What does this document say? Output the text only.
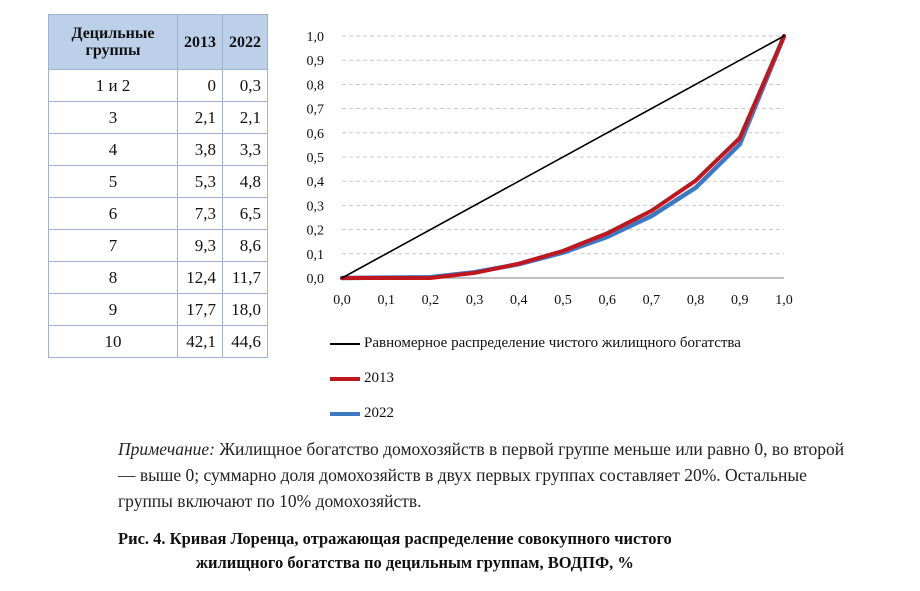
Децильные группы	2013	2022
1 и 2	0	0,3
3	2,1	2,1
4	3,8	3,3
5	5,3	4,8
6	7,3	6,5
7	9,3	8,6
8	12,4	11,7
9	17,7	18,0
10	42,1	44,6
0,0
0,1
0,2
0,3
0,4
0,5
0,6
0,7
0,8
0,9
1,0
0,0 0,1 0,2 0,3 0,4 0,5 0,6 0,7 0,8 0,9 1,0
Равномерное распределение чистого жилищного богатства
2013
2022
Примечание: Жилищное богатство домохозяйств в первой группе меньше или равно 0, во второй — выше 0; суммарно доля домохозяйств в двух первых группах составляет 20%. Остальные группы включают по 10% домохозяйств.
Рис. 4. Кривая Лоренца, отражающая распределение совокупного чистого
жилищного богатства по децильным группам, ВОДПФ, %
